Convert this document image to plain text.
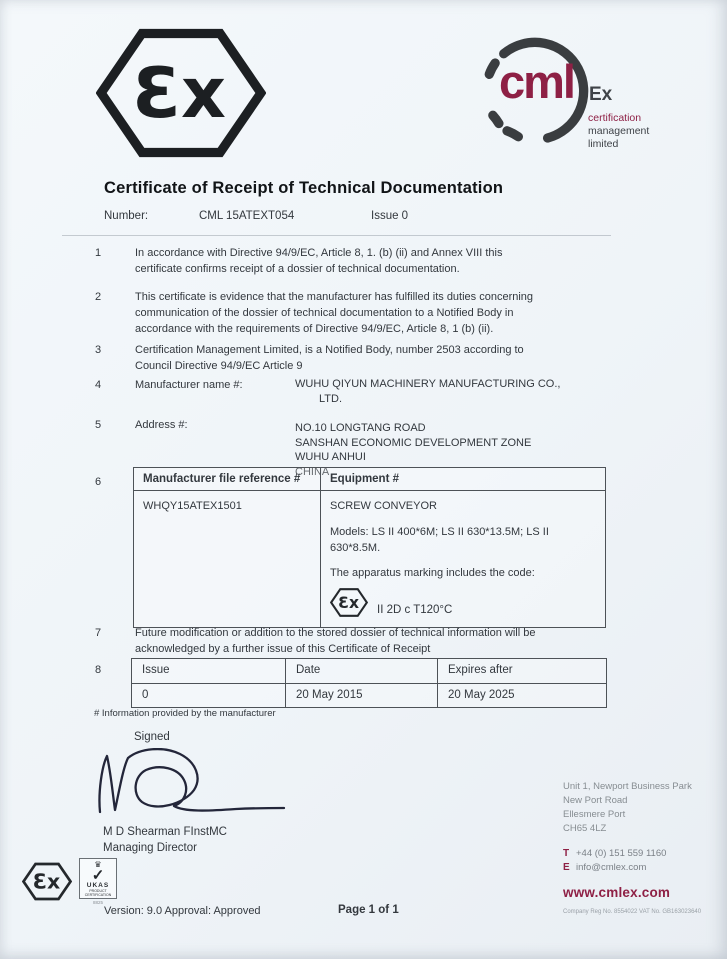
Ɛx	cml Ex
certification
management
limited
Certificate of Receipt of Technical Documentation
Number:	CML 15ATEXT054	Issue 0
1	In accordance with Directive 94/9/EC, Article 8, 1. (b) (ii) and Annex VIII this
certificate confirms receipt of a dossier of technical documentation.
2	This certificate is evidence that the manufacturer has fulfilled its duties concerning
communication of the dossier of technical documentation to a Notified Body in
accordance with the requirements of Directive 94/9/EC, Article 8, 1 (b) (ii).
3	Certification Management Limited, is a Notified Body, number 2503 according to
Council Directive 94/9/EC Article 9
4	Manufacturer name #:	WUHU QIYUN MACHINERY MANUFACTURING CO.,
LTD.
5	Address #:	NO.10 LONGTANG ROAD
SANSHAN ECONOMIC DEVELOPMENT ZONE
WUHU ANHUI
CHINA
6	Manufacturer file reference #	Equipment #
WHQY15ATEX1501	SCREW CONVEYOR
Models: LS II 400*6M; LS II 630*13.5M; LS II
630*8.5M.
The apparatus marking includes the code:
Ɛx II 2D c T120°C
7	Future modification or addition to the stored dossier of technical information will be
acknowledged by a further issue of this Certificate of Receipt
8	Issue	Date	Expires after
0	20 May 2015	20 May 2025
# Information provided by the manufacturer
Signed
M D Shearman FInstMC
Managing Director
Ɛx
♛
✓
UKAS
PRODUCT CERTIFICATION
8825
Version: 9.0 Approval: Approved	Page 1 of 1
Unit 1, Newport Business Park
New Port Road
Ellesmere Port
CH65 4LZ
T +44 (0) 151 559 1160
E info@cmlex.com
www.cmlex.com
Company Reg No. 8554022 VAT No. GB163023640
